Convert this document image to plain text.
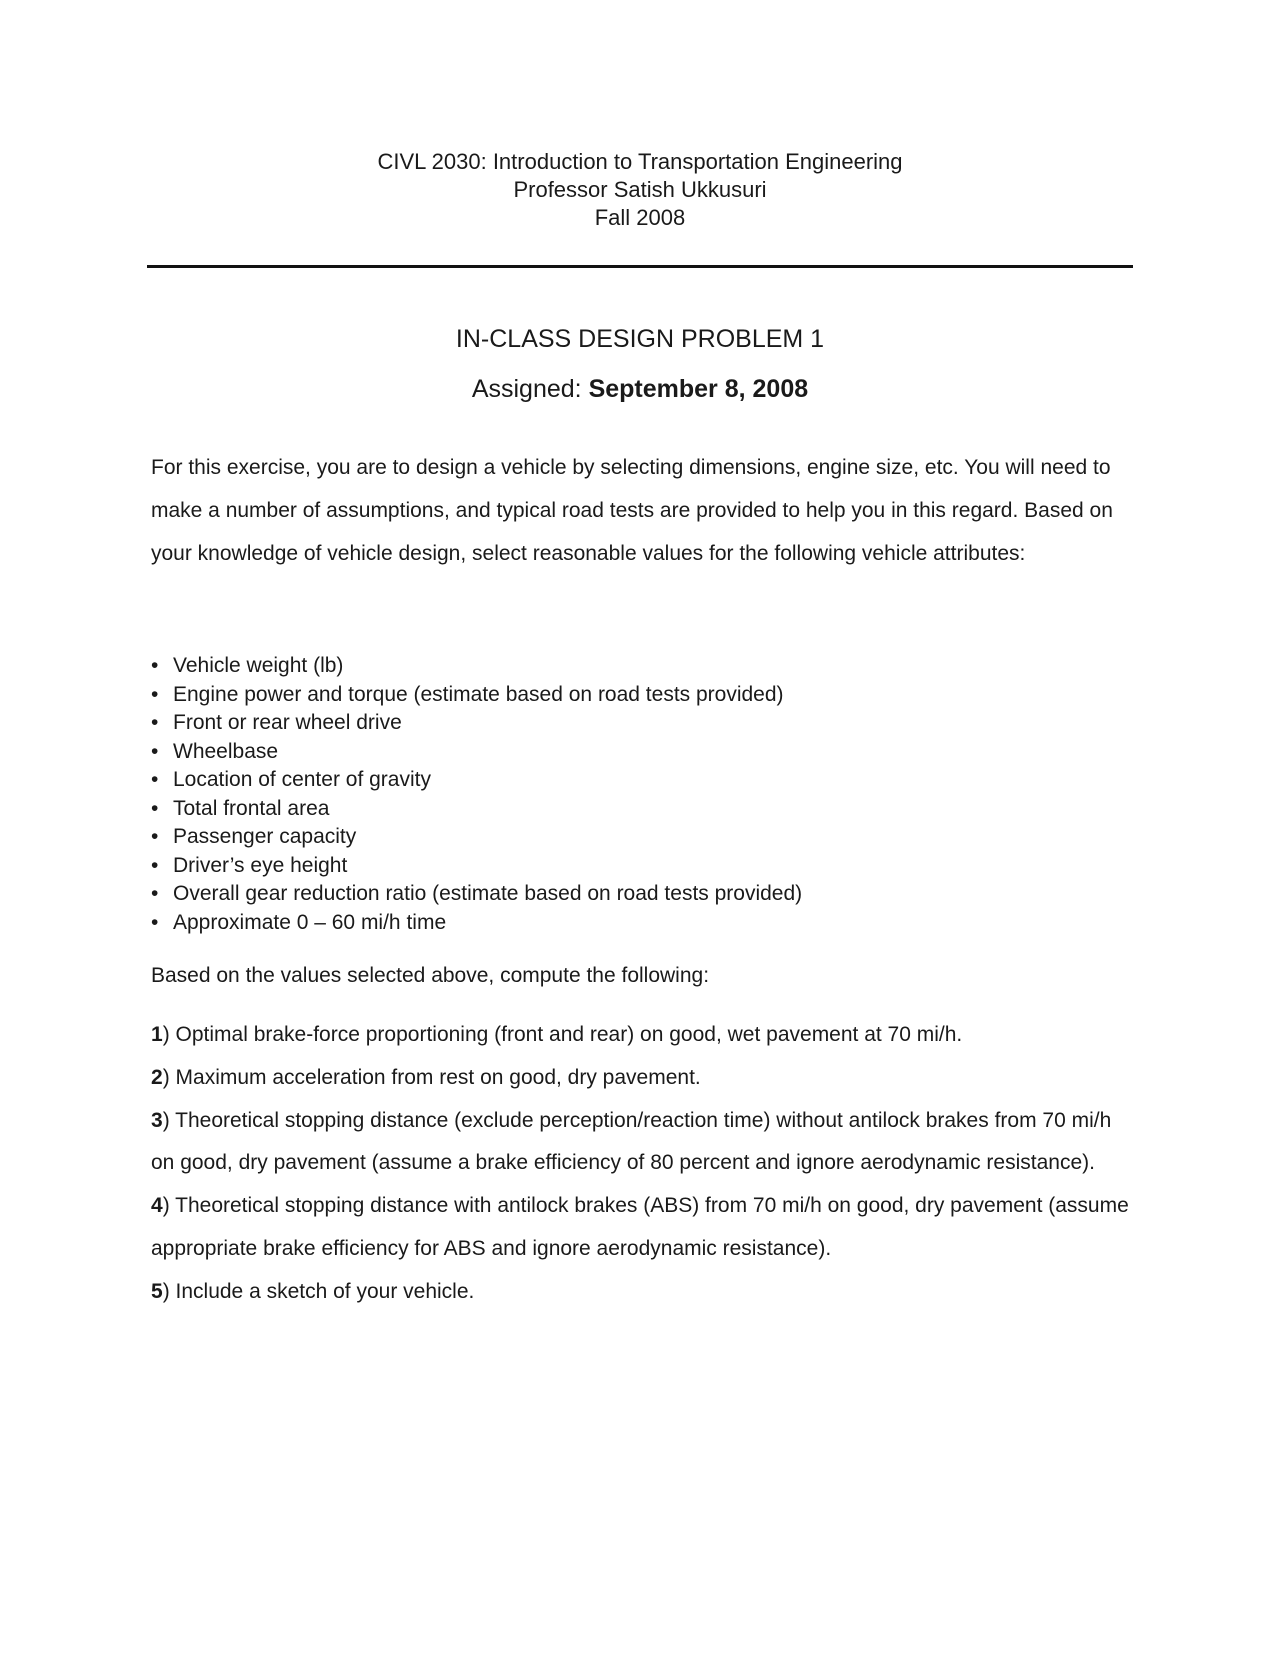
CIVL 2030: Introduction to Transportation Engineering
Professor Satish Ukkusuri
Fall 2008
IN-CLASS DESIGN PROBLEM 1
Assigned: September 8, 2008

For this exercise, you are to design a vehicle by selecting dimensions, engine size, etc. You will need to make a number of assumptions, and typical road tests are provided to help you in this regard. Based on your knowledge of vehicle design, select reasonable values for the following vehicle attributes:

• Vehicle weight (lb)
• Engine power and torque (estimate based on road tests provided)
• Front or rear wheel drive
• Wheelbase
• Location of center of gravity
• Total frontal area
• Passenger capacity
• Driver’s eye height
• Overall gear reduction ratio (estimate based on road tests provided)
• Approximate 0 – 60 mi/h time
Based on the values selected above, compute the following:

1) Optimal brake-force proportioning (front and rear) on good, wet pavement at 70 mi/h.

2) Maximum acceleration from rest on good, dry pavement.

3) Theoretical stopping distance (exclude perception/reaction time) without antilock brakes from 70 mi/h on good, dry pavement (assume a brake efficiency of 80 percent and ignore aerodynamic resistance).

4) Theoretical stopping distance with antilock brakes (ABS) from 70 mi/h on good, dry pavement (assume appropriate brake efficiency for ABS and ignore aerodynamic resistance).

5) Include a sketch of your vehicle.
